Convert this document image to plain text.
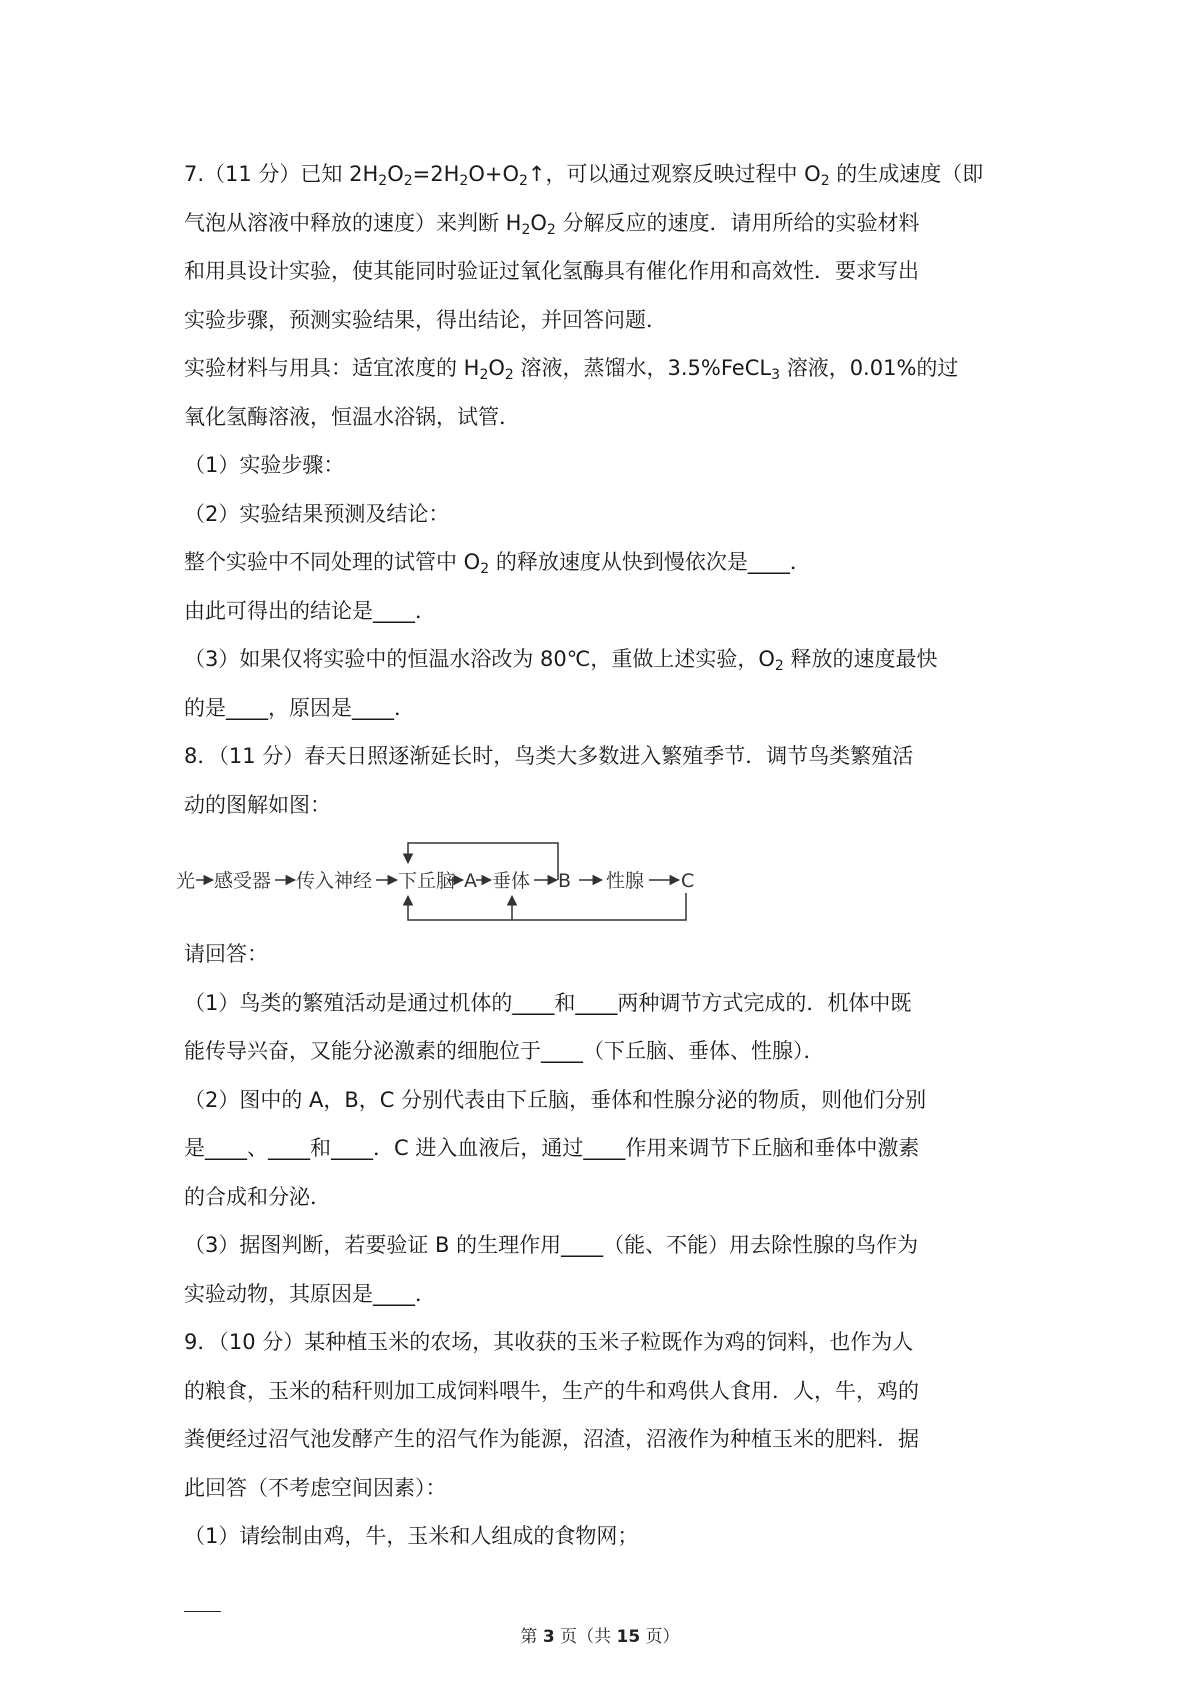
7.（11 分）已知 $2H_2O_2=2H_2O+O_2↑$，可以通过观察反映过程中 $O_2$ 的生成速度（即
气泡从溶液中释放的速度）来判断 $H_2O_2$ 分解反应的速度．请用所给的实验材料
和用具设计实验，使其能同时验证过氧化氢酶具有催化作用和高效性．要求写出
实验步骤，预测实验结果，得出结论，并回答问题．
实验材料与用具：适宜浓度的 $H_2O_2$ 溶液，蒸馏水，3.5%FeCL$_3$ 溶液，0.01%的过
氧化氢酶溶液，恒温水浴锅，试管．
（1）实验步骤：
（2）实验结果预测及结论：
整个实验中不同处理的试管中 $O_2$ 的释放速度从快到慢依次是____．
由此可得出的结论是____．
（3）如果仅将实验中的恒温水浴改为 80℃，重做上述实验，$O_2$ 释放的速度最快
的是____，原因是____．
8．（11 分）春天日照逐渐延长时，鸟类大多数进入繁殖季节．调节鸟类繁殖活
动的图解如图：
光 感受器 传入神经 下丘脑 A 垂体 B 性腺 C
请回答：
（1）鸟类的繁殖活动是通过机体的____和____两种调节方式完成的．机体中既
能传导兴奋，又能分泌激素的细胞位于____（下丘脑、垂体、性腺）．
（2）图中的 A，B，C 分别代表由下丘脑，垂体和性腺分泌的物质，则他们分别
是____、____和____．C 进入血液后，通过____作用来调节下丘脑和垂体中激素
的合成和分泌．
（3）据图判断，若要验证 B 的生理作用____（能、不能）用去除性腺的鸟作为
实验动物，其原因是____．
9．（10 分）某种植玉米的农场，其收获的玉米子粒既作为鸡的饲料，也作为人
的粮食，玉米的秸秆则加工成饲料喂牛，生产的牛和鸡供人食用．人，牛，鸡的
粪便经过沼气池发酵产生的沼气作为能源，沼渣，沼液作为种植玉米的肥料．据
此回答（不考虑空间因素）：
（1）请绘制由鸡，牛，玉米和人组成的食物网；
第 3 页（共 15 页）
